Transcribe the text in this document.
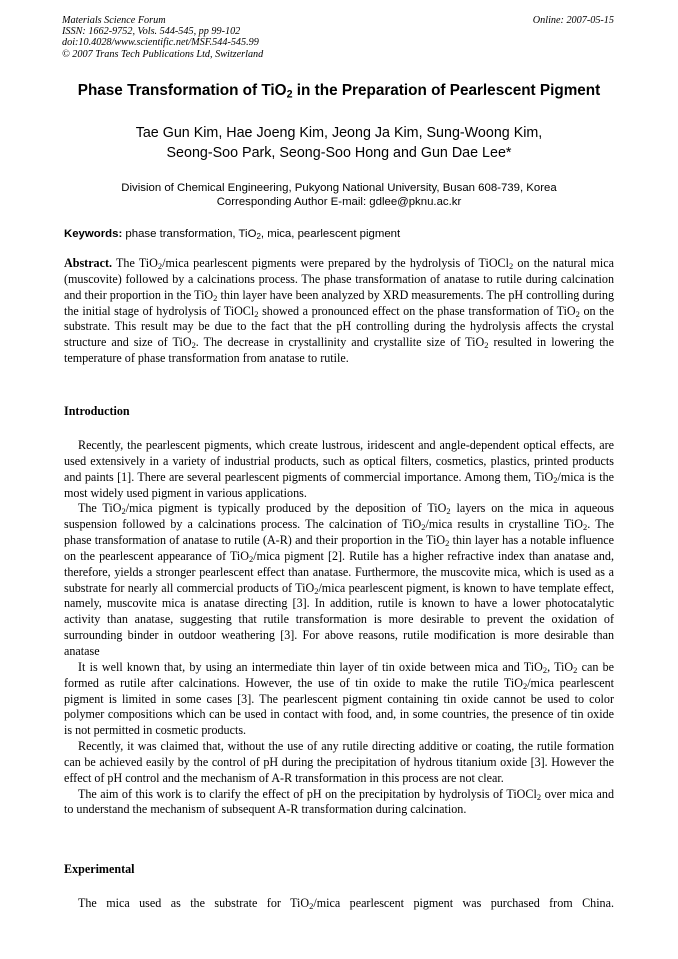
Materials Science Forum
ISSN: 1662-9752, Vols. 544-545, pp 99-102
doi:10.4028/www.scientific.net/MSF.544-545.99
© 2007 Trans Tech Publications Ltd, Switzerland
Online: 2007-05-15
Phase Transformation of TiO$_2$ in the Preparation of Pearlescent Pigment
Tae Gun Kim, Hae Joeng Kim, Jeong Ja Kim, Sung-Woong Kim,
Seong-Soo Park, Seong-Soo Hong and Gun Dae Lee*
Division of Chemical Engineering, Pukyong National University, Busan 608-739, Korea
Corresponding Author E-mail: gdlee@pknu.ac.kr
Keywords: phase transformation, TiO$_2$, mica, pearlescent pigment

Abstract. The TiO$_2$/mica pearlescent pigments were prepared by the hydrolysis of TiOCl$_2$ on the natural mica (muscovite) followed by a calcinations process. The phase transformation of anatase to rutile during calcination and their proportion in the TiO$_2$ thin layer have been analyzed by XRD measurements. The pH controlling during the initial stage of hydrolysis of TiOCl$_2$ showed a pronounced effect on the phase transformation of TiO$_2$ on the substrate. This result may be due to the fact that the pH controlling during the hydrolysis affects the crystal structure and size of TiO$_2$. The decrease in crystallinity and crystallite size of TiO$_2$ resulted in lowering the temperature of phase transformation from anatase to rutile.

Introduction

Recently, the pearlescent pigments, which create lustrous, iridescent and angle-dependent optical effects, are used extensively in a variety of industrial products, such as optical filters, cosmetics, plastics, printed products and paints [1]. There are several pearlescent pigments of commercial importance. Among them, TiO$_2$/mica is the most widely used pigment in various applications.

The TiO$_2$/mica pigment is typically produced by the deposition of TiO$_2$ layers on the mica in aqueous suspension followed by a calcinations process. The calcination of TiO$_2$/mica results in crystalline TiO$_2$. The phase transformation of anatase to rutile (A-R) and their proportion in the TiO$_2$ thin layer has a notable influence on the pearlescent appearance of TiO$_2$/mica pigment [2]. Rutile has a higher refractive index than anatase and, therefore, yields a stronger pearlescent effect than anatase. Furthermore, the muscovite mica, which is used as a substrate for nearly all commercial products of TiO$_2$/mica pearlescent pigment, is known to have template effect, namely, muscovite mica is anatase directing [3]. In addition, rutile is known to have a lower photocatalytic activity than anatase, suggesting that rutile transformation is more desirable to prevent the oxidation of surrounding binder in outdoor weathering [3]. For above reasons, rutile modification is more desirable than anatase

It is well known that, by using an intermediate thin layer of tin oxide between mica and TiO$_2$, TiO$_2$ can be formed as rutile after calcinations. However, the use of tin oxide to make the rutile TiO$_2$/mica pearlescent pigment is limited in some cases [3]. The pearlescent pigment containing tin oxide cannot be used to color polymer compositions which can be used in contact with food, and, in some countries, the presence of tin oxide is not permitted in cosmetic products.

Recently, it was claimed that, without the use of any rutile directing additive or coating, the rutile formation can be achieved easily by the control of pH during the precipitation of hydrous titanium oxide [3]. However the effect of pH control and the mechanism of A-R transformation in this process are not clear.

The aim of this work is to clarify the effect of pH on the precipitation by hydrolysis of TiOCl$_2$ over mica and to understand the mechanism of subsequent A-R transformation during calcination.

Experimental

The mica used as the substrate for TiO$_2$/mica pearlescent pigment was purchased from China.
